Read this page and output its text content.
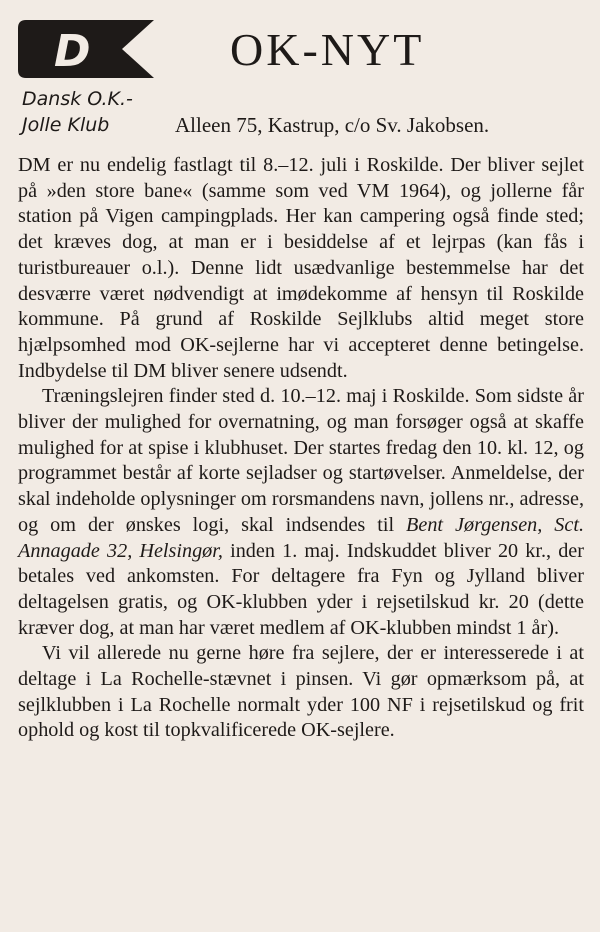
D
Dansk O.K.-
Jolle Klub
OK-NYT
Alleen 75, Kastrup, c/o Sv. Jakobsen.

DM er nu endelig fastlagt til 8.–12. juli i Roskilde. Der bliver sejlet på »den store bane« (samme som ved VM 1964), og jollerne får station på Vigen campingplads. Her kan campering også finde sted; det kræves dog, at man er i besiddelse af et lejrpas (kan fås i turistbureauer o.l.). Denne lidt usædvanlige bestemmelse har det desværre været nødvendigt at imødekomme af hensyn til Roskilde kommune. På grund af Roskilde Sejlklubs altid meget store hjælpsomhed mod OK-sejlerne har vi accepteret denne betingelse. Indbydelse til DM bliver senere udsendt.

Træningslejren finder sted d. 10.–12. maj i Roskilde. Som sidste år bliver der mulighed for overnatning, og man forsøger også at skaffe mulighed for at spise i klubhuset. Der startes fredag den 10. kl. 12, og programmet består af korte sejladser og startøvelser. Anmeldelse, der skal indeholde oplysninger om rorsmandens navn, jollens nr., adresse, og om der ønskes logi, skal indsendes til Bent Jørgensen, Sct. Annagade 32, Helsingør, inden 1. maj. Indskuddet bliver 20 kr., der betales ved ankomsten. For deltagere fra Fyn og Jylland bliver deltagelsen gratis, og OK-klubben yder i rejsetilskud kr. 20 (dette kræver dog, at man har været medlem af OK-klubben mindst 1 år).

Vi vil allerede nu gerne høre fra sejlere, der er interesserede i at deltage i La Rochelle-stævnet i pinsen. Vi gør opmærksom på, at sejlklubben i La Rochelle normalt yder 100 NF i rejsetilskud og frit ophold og kost til topkvalificerede OK-sejlere.
